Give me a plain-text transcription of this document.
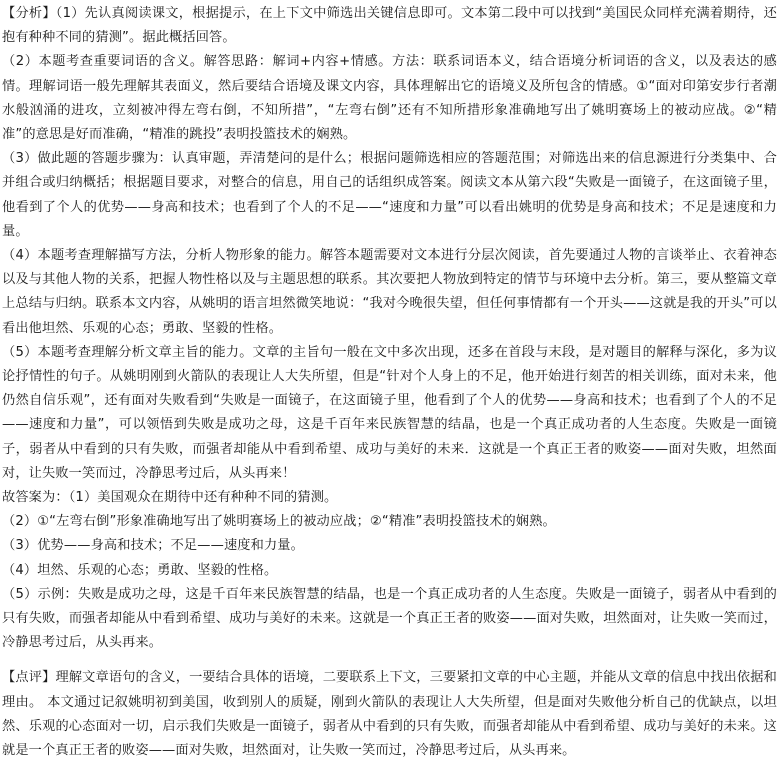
【分析】（1）先认真阅读课文，根据提示，在上下文中筛选出关键信息即可。文本第二段中可以找到“美国民众同样充满着期待，还抱有种种不同的猜测”。据此概括回答。

（2）本题考查重要词语的含义。解答思路：解词+内容+情感。方法：联系词语本义，结合语境分析词语的含义，以及表达的感情。理解词语一般先理解其表面义，然后要结合语境及课文内容，具体理解出它的语境义及所包含的情感。①“面对印第安步行者潮水般汹涌的进攻，立刻被冲得左弯右倒，不知所措”，“左弯右倒”还有不知所措形象准确地写出了姚明赛场上的被动应战。②“精准”的意思是好而准确，“精准的跳投”表明投篮技术的娴熟。

（3）做此题的答题步骤为：认真审题，弄清楚问的是什么；根据问题筛选相应的答题范围；对筛选出来的信息源进行分类集中、合并组合或归纳概括；根据题目要求，对整合的信息，用自己的话组织成答案。阅读文本从第六段“失败是一面镜子，在这面镜子里，他看到了个人的优势——身高和技术；也看到了个人的不足——“速度和力量”可以看出姚明的优势是身高和技术；不足是速度和力量。

（4）本题考查理解描写方法，分析人物形象的能力。解答本题需要对文本进行分层次阅读，首先要通过人物的言谈举止、衣着神态以及与其他人物的关系，把握人物性格以及与主题思想的联系。其次要把人物放到特定的情节与环境中去分析。第三，要从整篇文章上总结与归纳。联系本文内容，从姚明的语言坦然微笑地说：“我对今晚很失望，但任何事情都有一个开头——这就是我的开头”可以看出他坦然、乐观的心态；勇敢、坚毅的性格。

（5）本题考查理解分析文章主旨的能力。文章的主旨句一般在文中多次出现，还多在首段与末段，是对题目的解释与深化，多为议论抒情性的句子。从姚明刚到火箭队的表现让人大失所望，但是“针对个人身上的不足，他开始进行刻苦的相关训练，面对未来，他仍然自信乐观”，还有面对失败看到“失败是一面镜子，在这面镜子里，他看到了个人的优势——身高和技术；也看到了个人的不足——速度和力量”，可以领悟到失败是成功之母，这是千百年来民族智慧的结晶，也是一个真正成功者的人生态度。失败是一面镜子，弱者从中看到的只有失败，而强者却能从中看到希望、成功与美好的未来．这就是一个真正王者的败姿——面对失败，坦然面对，让失败一笑而过，冷静思考过后，从头再来！

故答案为：（1）美国观众在期待中还有种种不同的猜测。

（2）①“左弯右倒”形象准确地写出了姚明赛场上的被动应战；②“精准”表明投篮技术的娴熟。

（3）优势——身高和技术；不足——速度和力量。

（4）坦然、乐观的心态；勇敢、坚毅的性格。

（5）示例：失败是成功之母，这是千百年来民族智慧的结晶，也是一个真正成功者的人生态度。失败是一面镜子，弱者从中看到的只有失败，而强者却能从中看到希望、成功与美好的未来。这就是一个真正王者的败姿——面对失败，坦然面对，让失败一笑而过，冷静思考过后，从头再来。

【点评】理解文章语句的含义，一要结合具体的语境，二要联系上下文，三要紧扣文章的中心主题，并能从文章的信息中找出依据和理由。 本文通过记叙姚明初到美国，收到别人的质疑，刚到火箭队的表现让人大失所望，但是面对失败他分析自己的优缺点，以坦然、乐观的心态面对一切，启示我们失败是一面镜子，弱者从中看到的只有失败，而强者却能从中看到希望、成功与美好的未来。这就是一个真正王者的败姿——面对失败，坦然面对，让失败一笑而过，冷静思考过后，从头再来。
